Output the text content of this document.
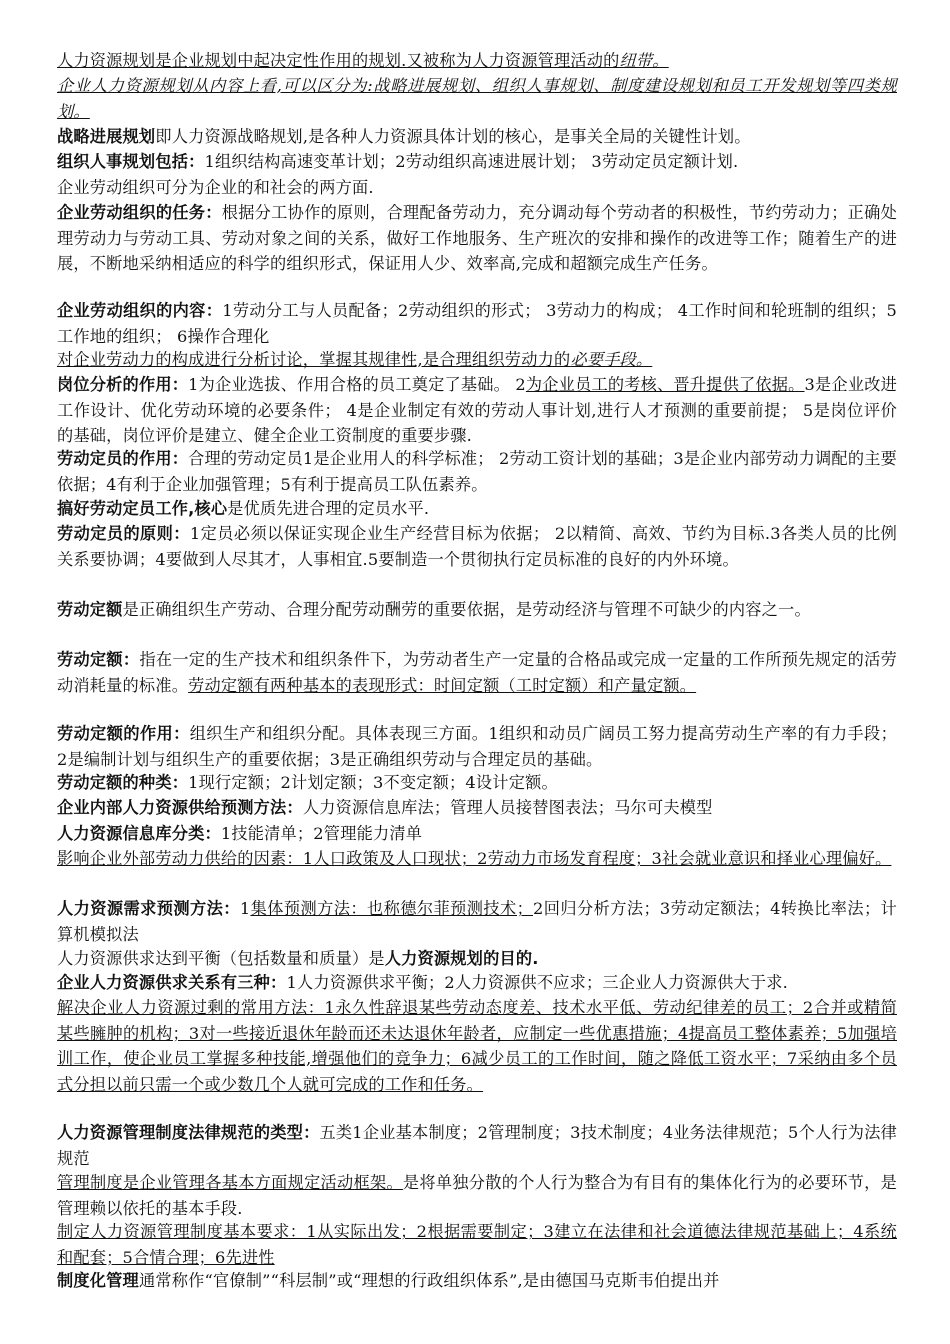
人力资源规划是企业规划中起决定性作用的规划.又被称为人力资源管理活动的纽带。

企业人力资源规划从内容上看,可以区分为:战略进展规划、组织人事规划、制度建设规划和员工开发规划等四类规划。

战略进展规划即人力资源战略规划,是各种人力资源具体计划的核心，是事关全局的关键性计划。

组织人事规划包括：1组织结构高速变革计划；2劳动组织高速进展计划； 3劳动定员定额计划.

企业劳动组织可分为企业的和社会的两方面.

企业劳动组织的任务：根据分工协作的原则，合理配备劳动力，充分调动每个劳动者的积极性，节约劳动力；正确处理劳动力与劳动工具、劳动对象之间的关系，做好工作地服务、生产班次的安排和操作的改进等工作；随着生产的进展，不断地采纳相适应的科学的组织形式，保证用人少、效率高,完成和超额完成生产任务。

企业劳动组织的内容：1劳动分工与人员配备；2劳动组织的形式； 3劳动力的构成； 4工作时间和轮班制的组织；5工作地的组织； 6操作合理化

对企业劳动力的构成进行分析讨论，掌握其规律性,是合理组织劳动力的必要手段。

岗位分析的作用：1为企业选拔、作用合格的员工奠定了基础。 2为企业员工的考核、晋升提供了依据。3是企业改进工作设计、优化劳动环境的必要条件； 4是企业制定有效的劳动人事计划,进行人才预测的重要前提； 5是岗位评价的基础，岗位评价是建立、健全企业工资制度的重要步骤.

劳动定员的作用：合理的劳动定员1是企业用人的科学标准； 2劳动工资计划的基础；3是企业内部劳动力调配的主要依据；4有利于企业加强管理；5有利于提高员工队伍素养。

搞好劳动定员工作,核心是优质先进合理的定员水平.

劳动定员的原则：1定员必须以保证实现企业生产经营目标为依据； 2以精简、高效、节约为目标.3各类人员的比例关系要协调；4要做到人尽其才，人事相宜.5要制造一个贯彻执行定员标准的良好的内外环境。

劳动定额是正确组织生产劳动、合理分配劳动酬劳的重要依据，是劳动经济与管理不可缺少的内容之一。

劳动定额：指在一定的生产技术和组织条件下，为劳动者生产一定量的合格品或完成一定量的工作所预先规定的活劳动消耗量的标准。劳动定额有两种基本的表现形式：时间定额（工时定额）和产量定额。

劳动定额的作用：组织生产和组织分配。具体表现三方面。1组织和动员广阔员工努力提高劳动生产率的有力手段；2是编制计划与组织生产的重要依据；3是正确组织劳动与合理定员的基础。

劳动定额的种类：1现行定额；2计划定额；3不变定额；4设计定额。

企业内部人力资源供给预测方法：人力资源信息库法；管理人员接替图表法；马尔可夫模型

人力资源信息库分类：1技能清单；2管理能力清单

影响企业外部劳动力供给的因素：1人口政策及人口现状；2劳动力市场发育程度；3社会就业意识和择业心理偏好。

人力资源需求预测方法：1集体预测方法：也称德尔菲预测技术；2回归分析方法；3劳动定额法；4转换比率法；计算机模拟法

人力资源供求达到平衡（包括数量和质量）是人力资源规划的目的.

企业人力资源供求关系有三种：1人力资源供求平衡；2人力资源供不应求；三企业人力资源供大于求.

解决企业人力资源过剩的常用方法：1永久性辞退某些劳动态度差、技术水平低、劳动纪律差的员工；2合并或精简某些臃肿的机构；3对一些接近退休年龄而还未达退休年龄者，应制定一些优惠措施；4提高员工整体素养；5加强培训工作，使企业员工掌握多种技能,增强他们的竞争力；6减少员工的工作时间，随之降低工资水平；7采纳由多个员式分担以前只需一个或少数几个人就可完成的工作和任务。

人力资源管理制度法律规范的类型：五类1企业基本制度；2管理制度；3技术制度；4业务法律规范；5个人行为法律规范

管理制度是企业管理各基本方面规定活动框架。是将单独分散的个人行为整合为有目有的集体化行为的必要环节，是管理赖以依托的基本手段.

制定人力资源管理制度基本要求：1从实际出发；2根据需要制定；3建立在法律和社会道德法律规范基础上；4系统和配套；5合情合理；6先进性

制度化管理通常称作“官僚制”“科层制”或“理想的行政组织体系”,是由德国马克斯韦伯提出并
